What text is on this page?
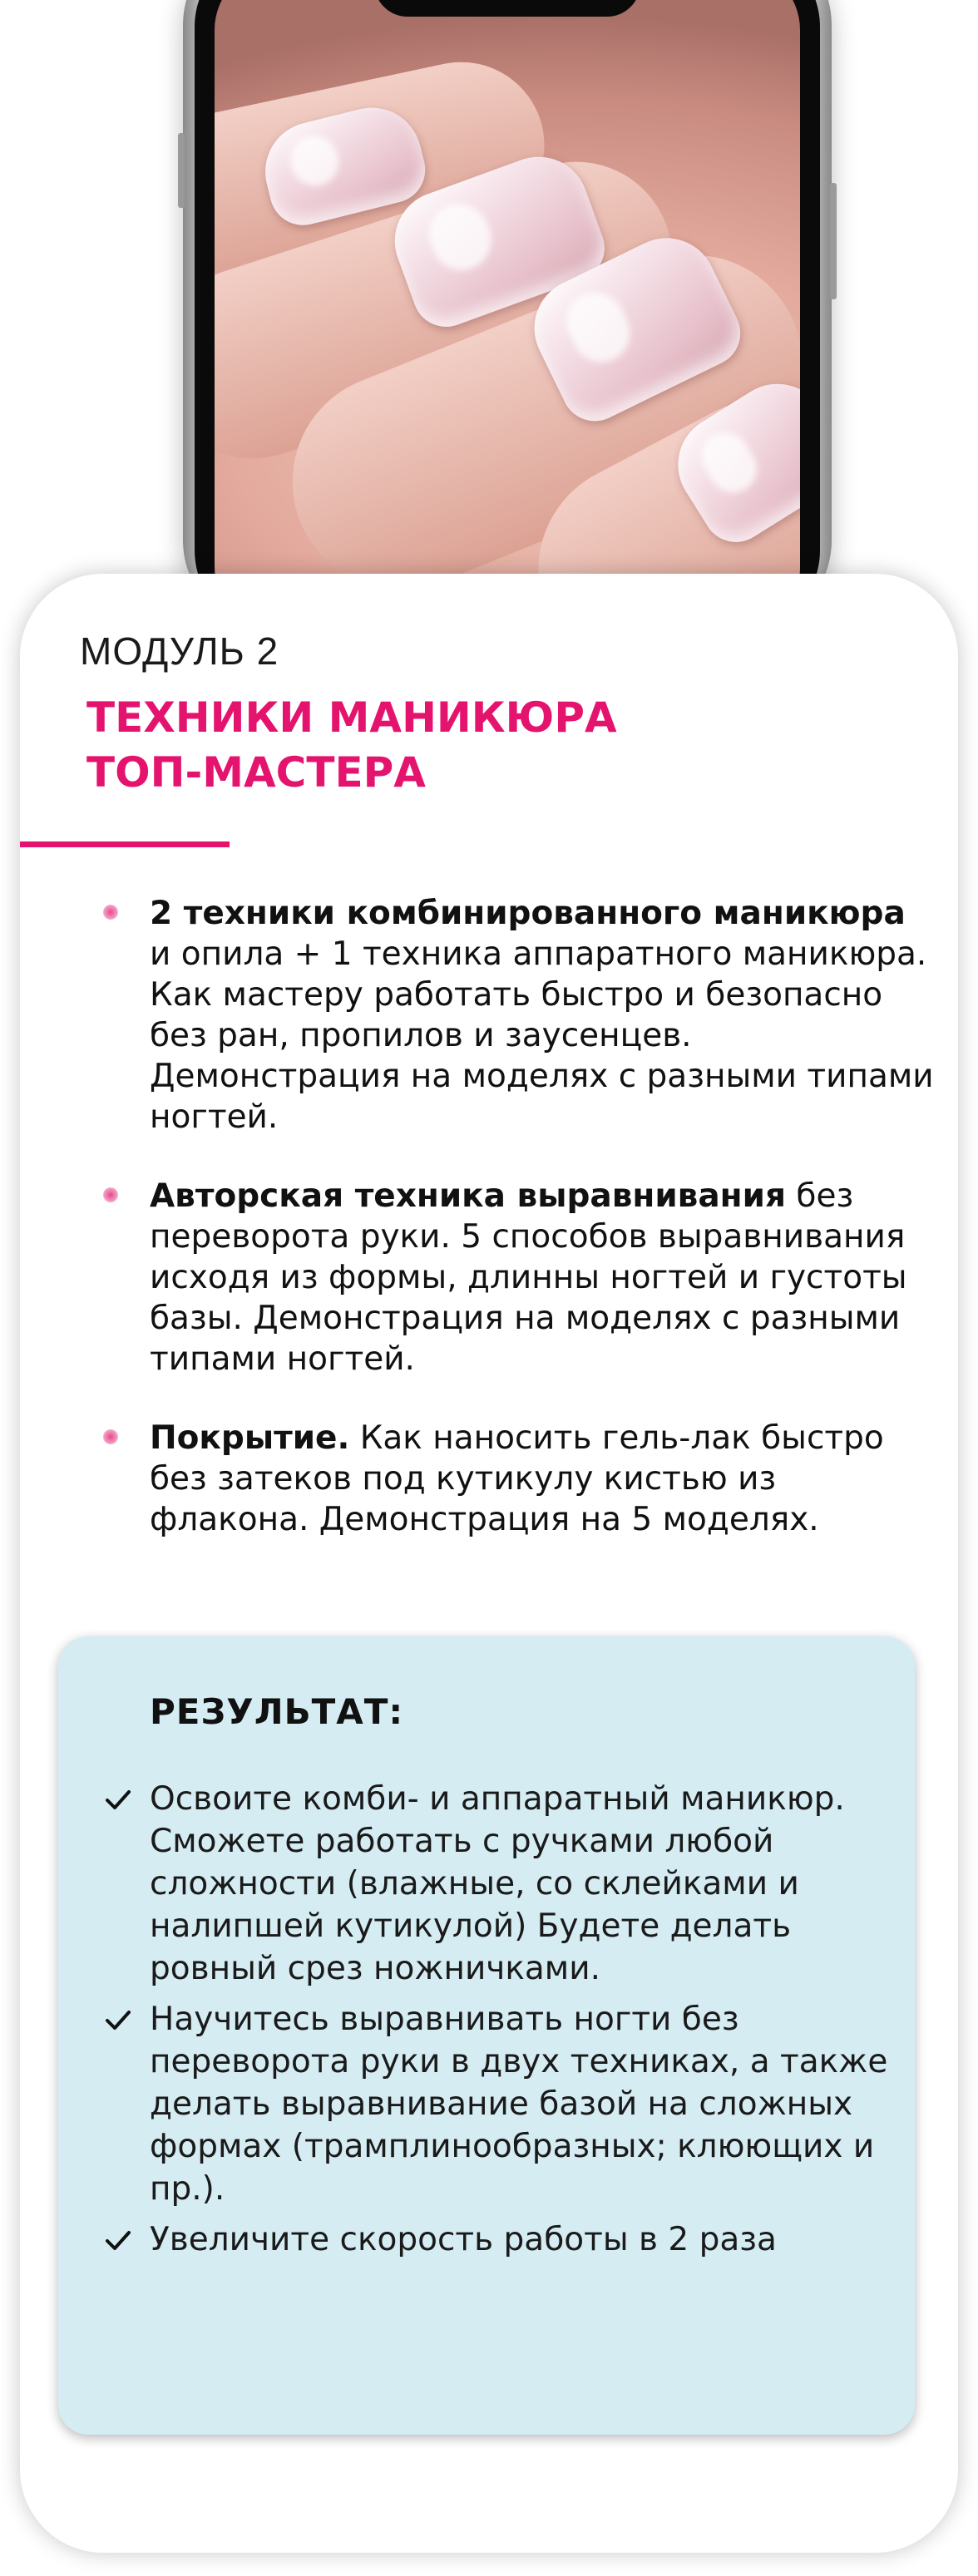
МОДУЛЬ 2
ТЕХНИКИ МАНИКЮРА
ТОП-МАСТЕРА
2 техники комбинированного маникюра и опила + 1 техника аппаратного маникюра. Как мастеру работать быстро и безопасно без ран, пропилов и заусенцев. Демонстрация на моделях с разными типами ногтей.
Авторская техника выравнивания без переворота руки. 5 способов выравнивания исходя из формы, длинны ногтей и густоты базы. Демонстрация на моделях с разными типами ногтей.
Покрытие. Как наносить гель-лак быстро без затеков под кутикулу кистью из флакона. Демонстрация на 5 моделях.
РЕЗУЛЬТАТ:
Освоите комби- и аппаратный маникюр. Сможете работать с ручками любой сложности (влажные, со склейками и налипшей кутикулой) Будете делать ровный срез ножничками.
Научитесь выравнивать ногти без переворота руки в двух техниках, а также делать выравнивание базой на сложных формах (трамплинообразных; клюющих и пр.).
Увеличите скорость работы в 2 раза
